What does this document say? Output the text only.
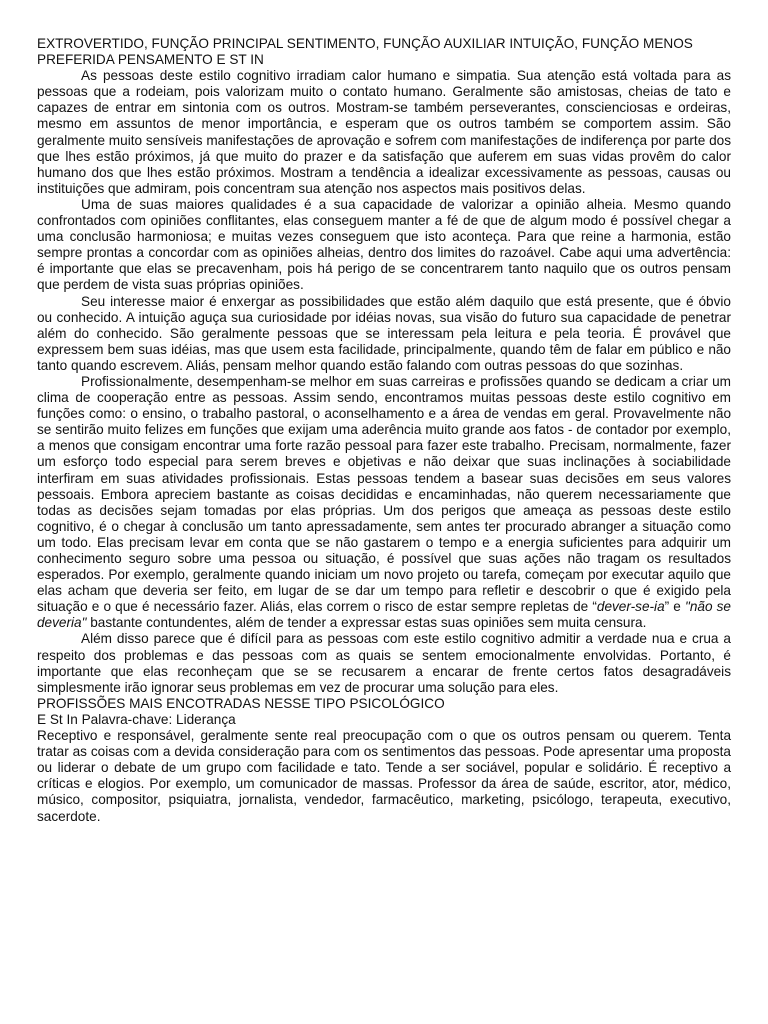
EXTROVERTIDO, FUNÇÃO PRINCIPAL SENTIMENTO, FUNÇÃO AUXILIAR INTUIÇÃO, FUNÇÃO MENOS PREFERIDA PENSAMENTO E ST IN

As pessoas deste estilo cognitivo irradiam calor humano e simpatia. Sua atenção está voltada para as pessoas que a rodeiam, pois valorizam muito o contato humano. Geralmente são amistosas, cheias de tato e capazes de entrar em sintonia com os outros. Mostram-se também perseverantes, conscienciosas e ordeiras, mesmo em assuntos de menor importância, e esperam que os outros também se comportem assim. São geralmente muito sensíveis manifestações de aprovação e sofrem com manifestações de indiferença por parte dos que lhes estão próximos, já que muito do prazer e da satisfação que auferem em suas vidas provêm do calor humano dos que lhes estão próximos. Mostram a tendência a idealizar excessivamente as pessoas, causas ou instituições que admiram, pois concentram sua atenção nos aspectos mais positivos delas.

Uma de suas maiores qualidades é a sua capacidade de valorizar a opinião alheia. Mesmo quando confrontados com opiniões conflitantes, elas conseguem manter a fé de que de algum modo é possível chegar a uma conclusão harmoniosa; e muitas vezes conseguem que isto aconteça. Para que reine a harmonia, estão sempre prontas a concordar com as opiniões alheias, dentro dos limites do razoável. Cabe aqui uma advertência: é importante que elas se precavenham, pois há perigo de se concentrarem tanto naquilo que os outros pensam que perdem de vista suas próprias opiniões.

Seu interesse maior é enxergar as possibilidades que estão além daquilo que está presente, que é óbvio ou conhecido. A intuição aguça sua curiosidade por idéias novas, sua visão do futuro sua capacidade de penetrar além do conhecido. São geralmente pessoas que se interessam pela leitura e pela teoria. É provável que expressem bem suas idéias, mas que usem esta facilidade, principalmente, quando têm de falar em público e não tanto quando escrevem. Aliás, pensam melhor quando estão falando com outras pessoas do que sozinhas.

Profissionalmente, desempenham-se melhor em suas carreiras e profissões quando se dedicam a criar um clima de cooperação entre as pessoas. Assim sendo, encontramos muitas pessoas deste estilo cognitivo em funções como: o ensino, o trabalho pastoral, o aconselhamento e a área de vendas em geral. Provavelmente não se sentirão muito felizes em funções que exijam uma aderência muito grande aos fatos - de contador por exemplo, a menos que consigam encontrar uma forte razão pessoal para fazer este trabalho. Precisam, normalmente, fazer um esforço todo especial para serem breves e objetivas e não deixar que suas inclinações à sociabilidade interfiram em suas atividades profissionais. Estas pessoas tendem a basear suas decisões em seus valores pessoais. Embora apreciem bastante as coisas decididas e encaminhadas, não querem necessariamente que todas as decisões sejam tomadas por elas próprias. Um dos perigos que ameaça as pessoas deste estilo cognitivo, é o chegar à conclusão um tanto apressadamente, sem antes ter procurado abranger a situação como um todo. Elas precisam levar em conta que se não gastarem o tempo e a energia suficientes para adquirir um conhecimento seguro sobre uma pessoa ou situação, é possível que suas ações não tragam os resultados esperados. Por exemplo, geralmente quando iniciam um novo projeto ou tarefa, começam por executar aquilo que elas acham que deveria ser feito, em lugar de se dar um tempo para refletir e descobrir o que é exigido pela situação e o que é necessário fazer. Aliás, elas correm o risco de estar sempre repletas de “dever-se-ia” e "não se deveria" bastante contundentes, além de tender a expressar estas suas opiniões sem muita censura.

Além disso parece que é difícil para as pessoas com este estilo cognitivo admitir a verdade nua e crua a respeito dos problemas e das pessoas com as quais se sentem emocionalmente envolvidas. Portanto, é importante que elas reconheçam que se se recusarem a encarar de frente certos fatos desagradáveis simplesmente irão ignorar seus problemas em vez de procurar uma solução para eles.

PROFISSÕES MAIS ENCOTRADAS NESSE TIPO PSICOLÓGICO

E St In Palavra-chave: Liderança

Receptivo e responsável, geralmente sente real preocupação com o que os outros pensam ou querem. Tenta tratar as coisas com a devida consideração para com os sentimentos das pessoas. Pode apresentar uma proposta ou liderar o debate de um grupo com facilidade e tato. Tende a ser sociável, popular e solidário. É receptivo a críticas e elogios. Por exemplo, um comunicador de massas. Professor da área de saúde, escritor, ator, médico, músico, compositor, psiquiatra, jornalista, vendedor, farmacêutico, marketing, psicólogo, terapeuta, executivo, sacerdote.
